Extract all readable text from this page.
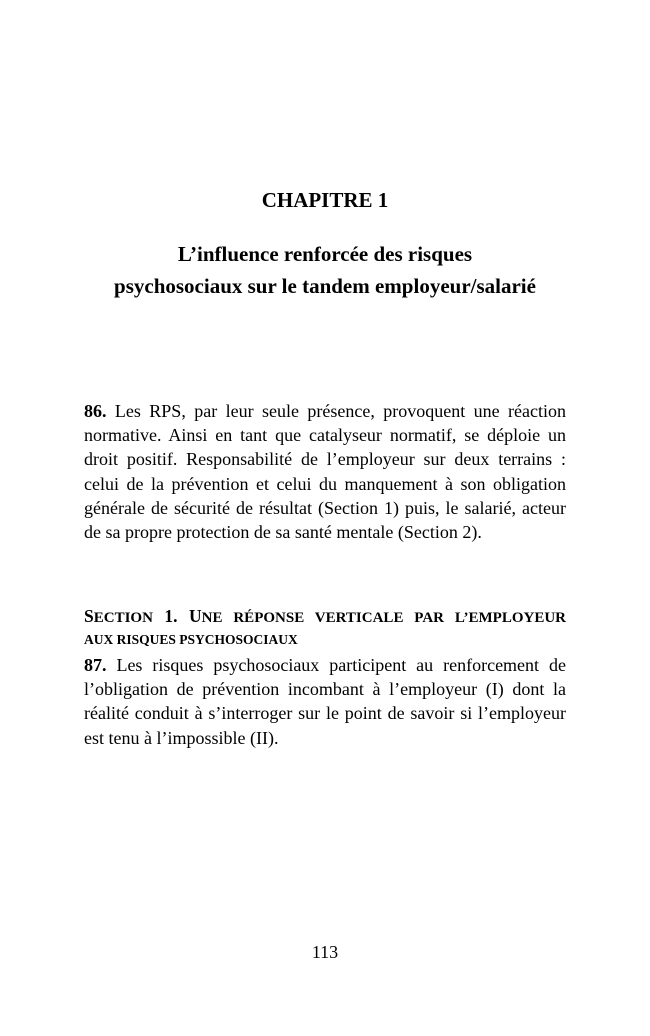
CHAPITRE 1
L’influence renforcée des risques
psychosociaux sur le tandem employeur/salarié

86. Les RPS, par leur seule présence, provoquent une réaction normative. Ainsi en tant que catalyseur normatif, se déploie un droit positif. Responsabilité de l’employeur sur deux terrains : celui de la prévention et celui du manquement à son obligation générale de sécurité de résultat (Section 1) puis, le salarié, acteur de sa propre protection de sa santé mentale (Section 2).

SECTION 1. UNE RÉPONSE VERTICALE PAR L’EMPLOYEUR
AUX RISQUES PSYCHOSOCIAUX

87. Les risques psychosociaux participent au renforcement de l’obligation de prévention incombant à l’employeur (I) dont la réalité conduit à s’interroger sur le point de savoir si l’employeur est tenu à l’impossible (II).

113
